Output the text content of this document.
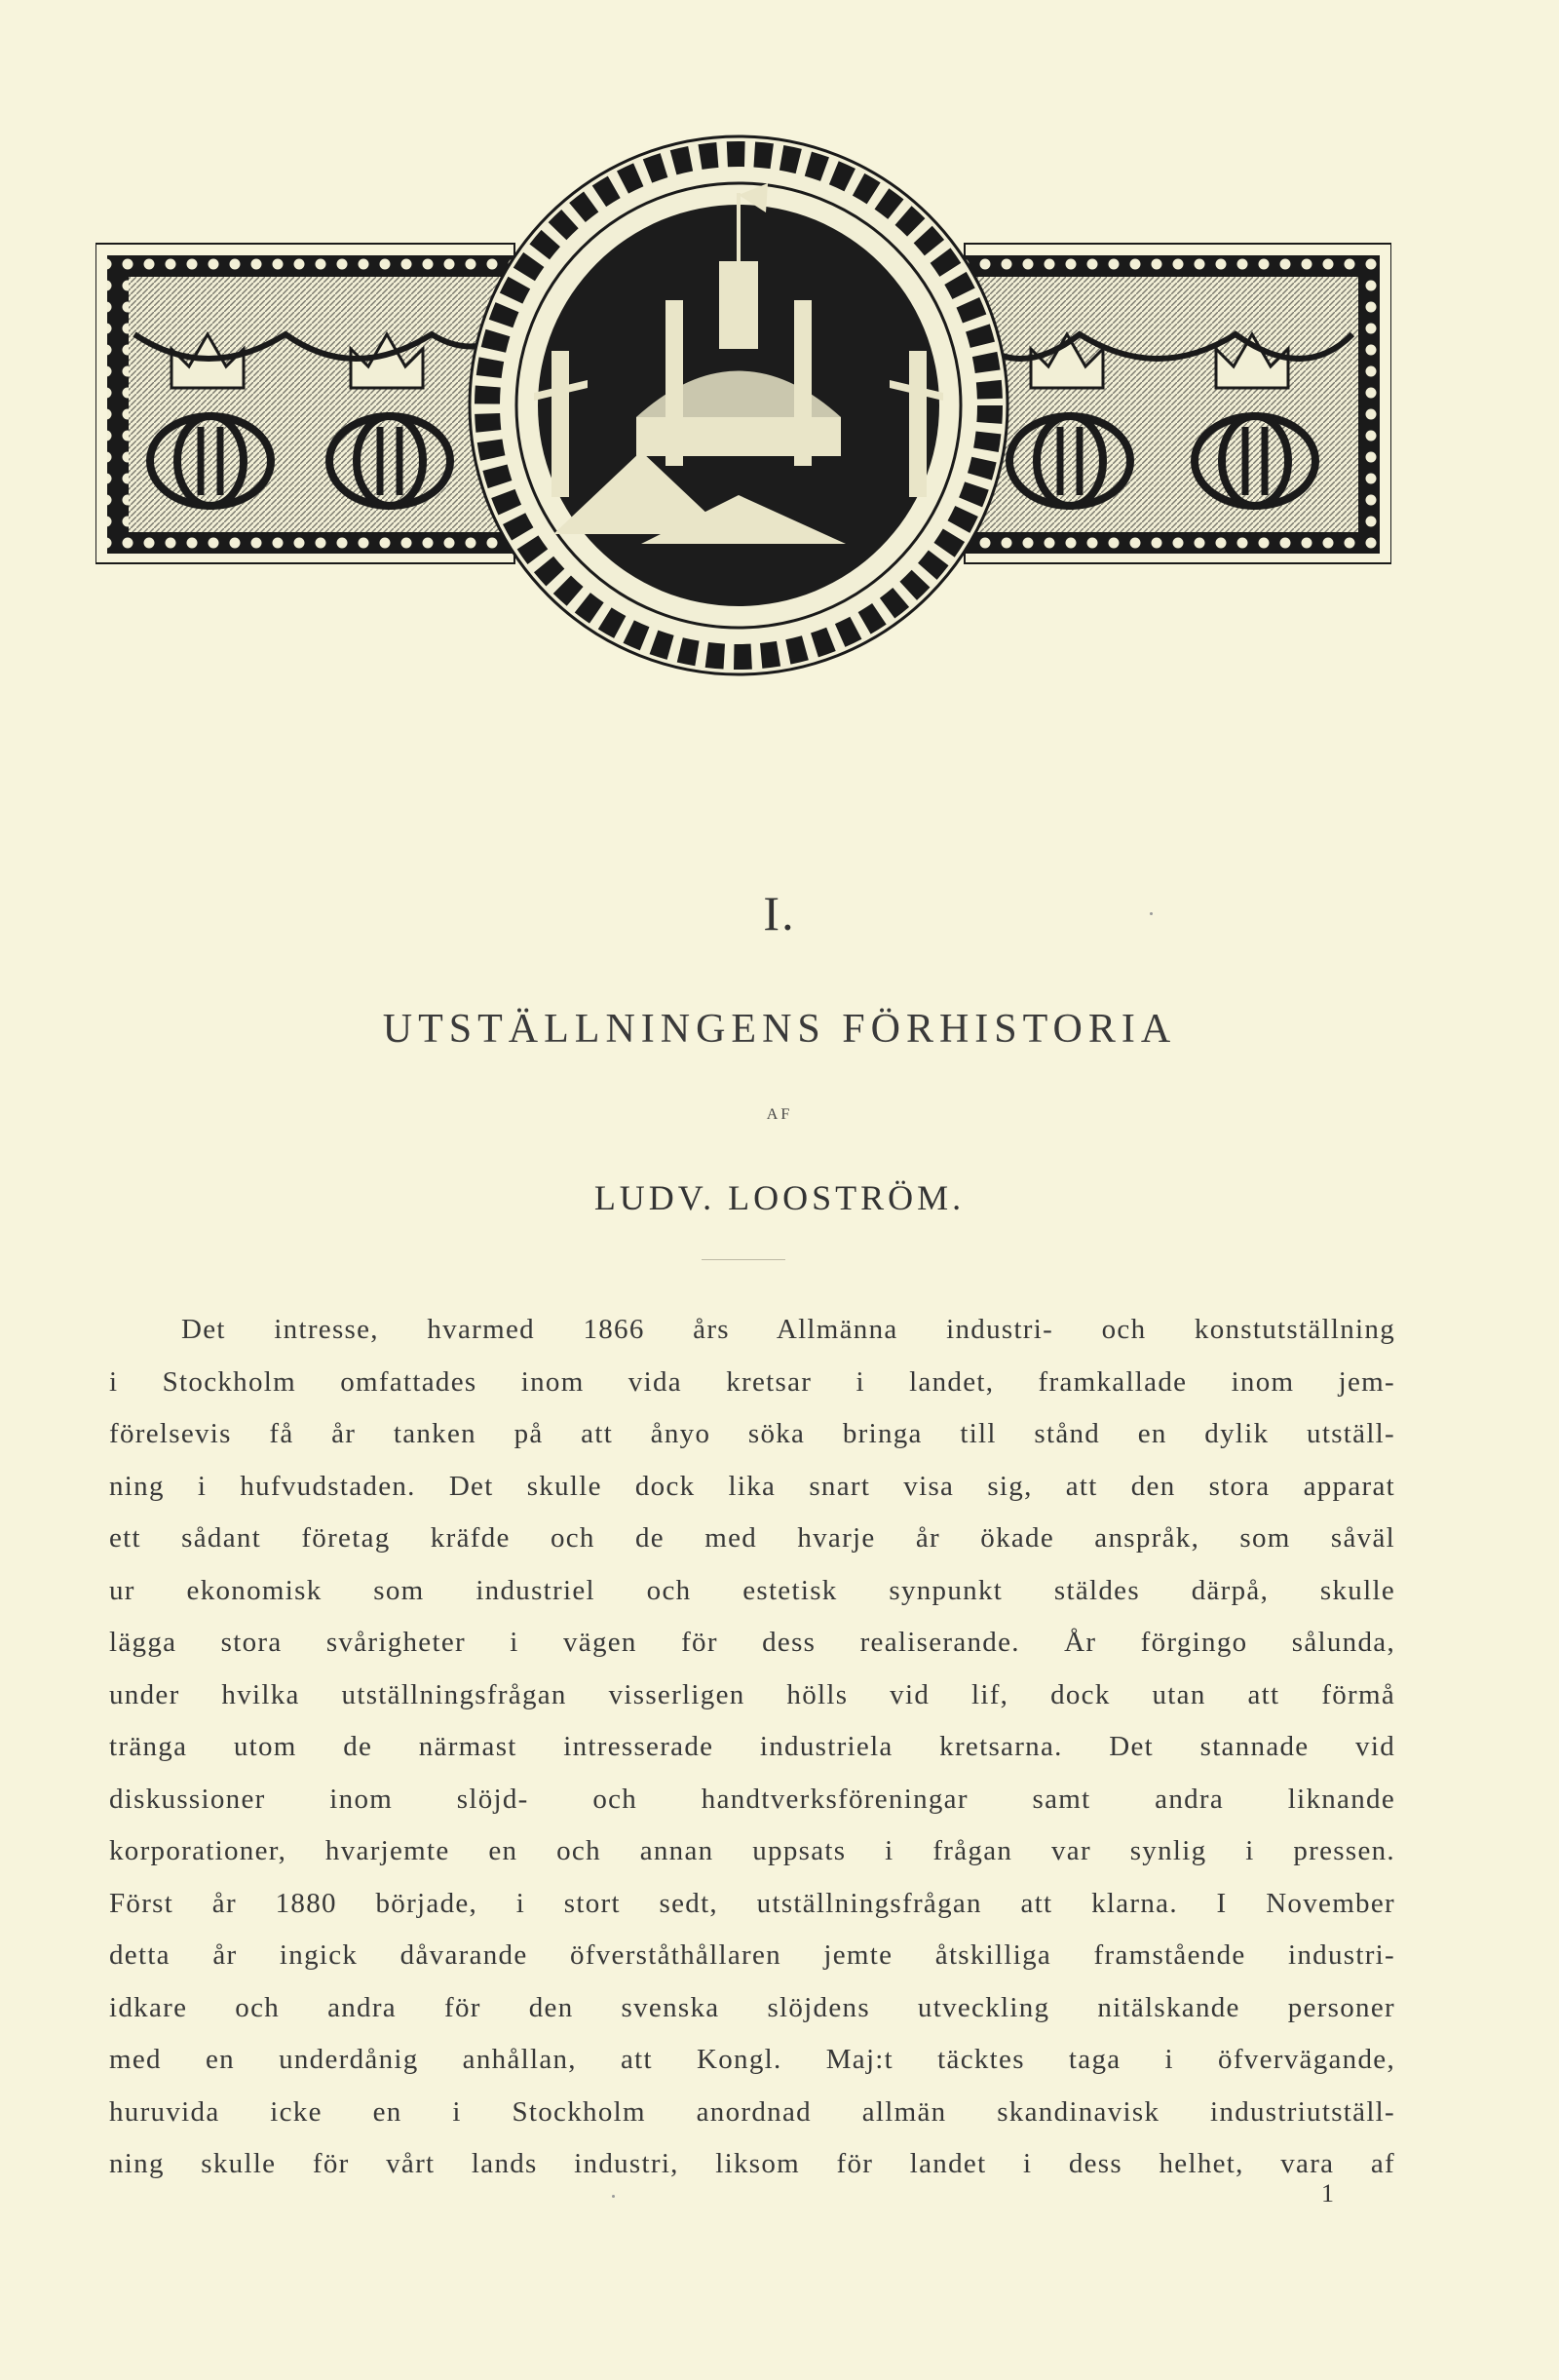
I.
UTSTÄLLNINGENS FÖRHISTORIA
AF
LUDV. LOOSTRÖM.
Det intresse, hvarmed 1866 års Allmänna industri- och konstutställning
i Stockholm omfattades inom vida kretsar i landet, framkallade inom jem-
förelsevis få år tanken på att ånyo söka bringa till stånd en dylik utställ-
ning i hufvudstaden. Det skulle dock lika snart visa sig, att den stora apparat
ett sådant företag kräfde och de med hvarje år ökade anspråk, som såväl
ur ekonomisk som industriel och estetisk synpunkt stäldes därpå, skulle
lägga stora svårigheter i vägen för dess realiserande. År förgingo sålunda,
under hvilka utställningsfrågan visserligen hölls vid lif, dock utan att förmå
tränga utom de närmast intresserade industriela kretsarna. Det stannade vid
diskussioner inom slöjd- och handtverksföreningar samt andra liknande
korporationer, hvarjemte en och annan uppsats i frågan var synlig i pressen.
Först år 1880 började, i stort sedt, utställningsfrågan att klarna. I November
detta år ingick dåvarande öfverståthållaren jemte åtskilliga framstående industri-
idkare och andra för den svenska slöjdens utveckling nitälskande personer
med en underdånig anhållan, att Kongl. Maj:t täcktes taga i öfvervägande,
huruvida icke en i Stockholm anordnad allmän skandinavisk industriutställ-
ning skulle för vårt lands industri, liksom för landet i dess helhet, vara af
1
